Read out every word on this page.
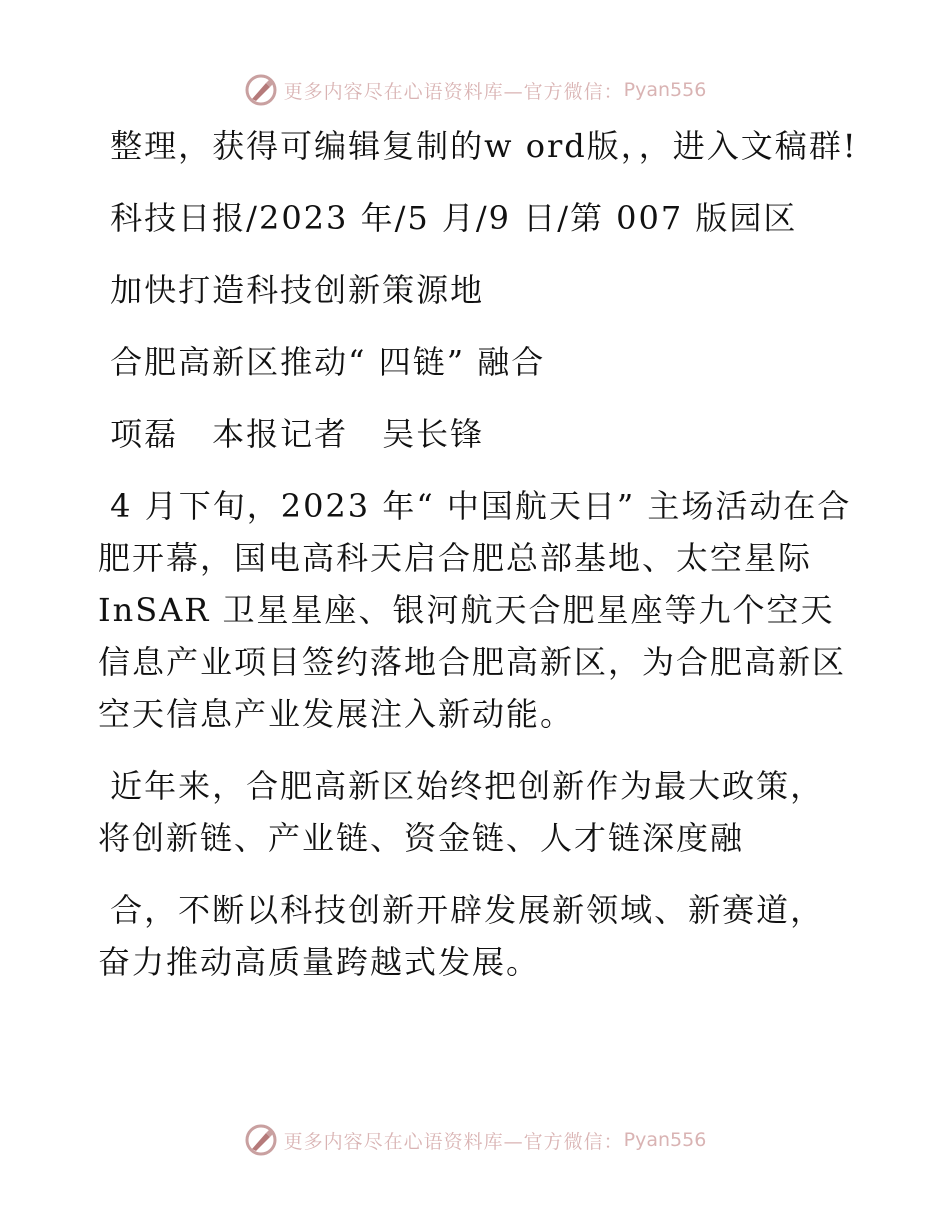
更多内容尽在心语资料库—官方微信： Pyan556

整理，获得可编辑复制的w ord版，，进入文稿群!

科技日报/2023 年/5 月/9 日/第 007 版园区

加快打造科技创新策源地

合肥高新区推动“ 四链” 融合

项磊　本报记者　吴长锋

4 月下旬，2023 年“ 中国航天日” 主场活动在合肥开幕，国电高科天启合肥总部基地、太空星际 InSAR 卫星星座、银河航天合肥星座等九个空天信息产业项目签约落地合肥高新区，为合肥高新区空天信息产业发展注入新动能。

近年来，合肥高新区始终把创新作为最大政策，将创新链、产业链、资金链、人才链深度融

合，不断以科技创新开辟发展新领域、新赛道，奋力推动高质量跨越式发展。

更多内容尽在心语资料库—官方微信： Pyan556
